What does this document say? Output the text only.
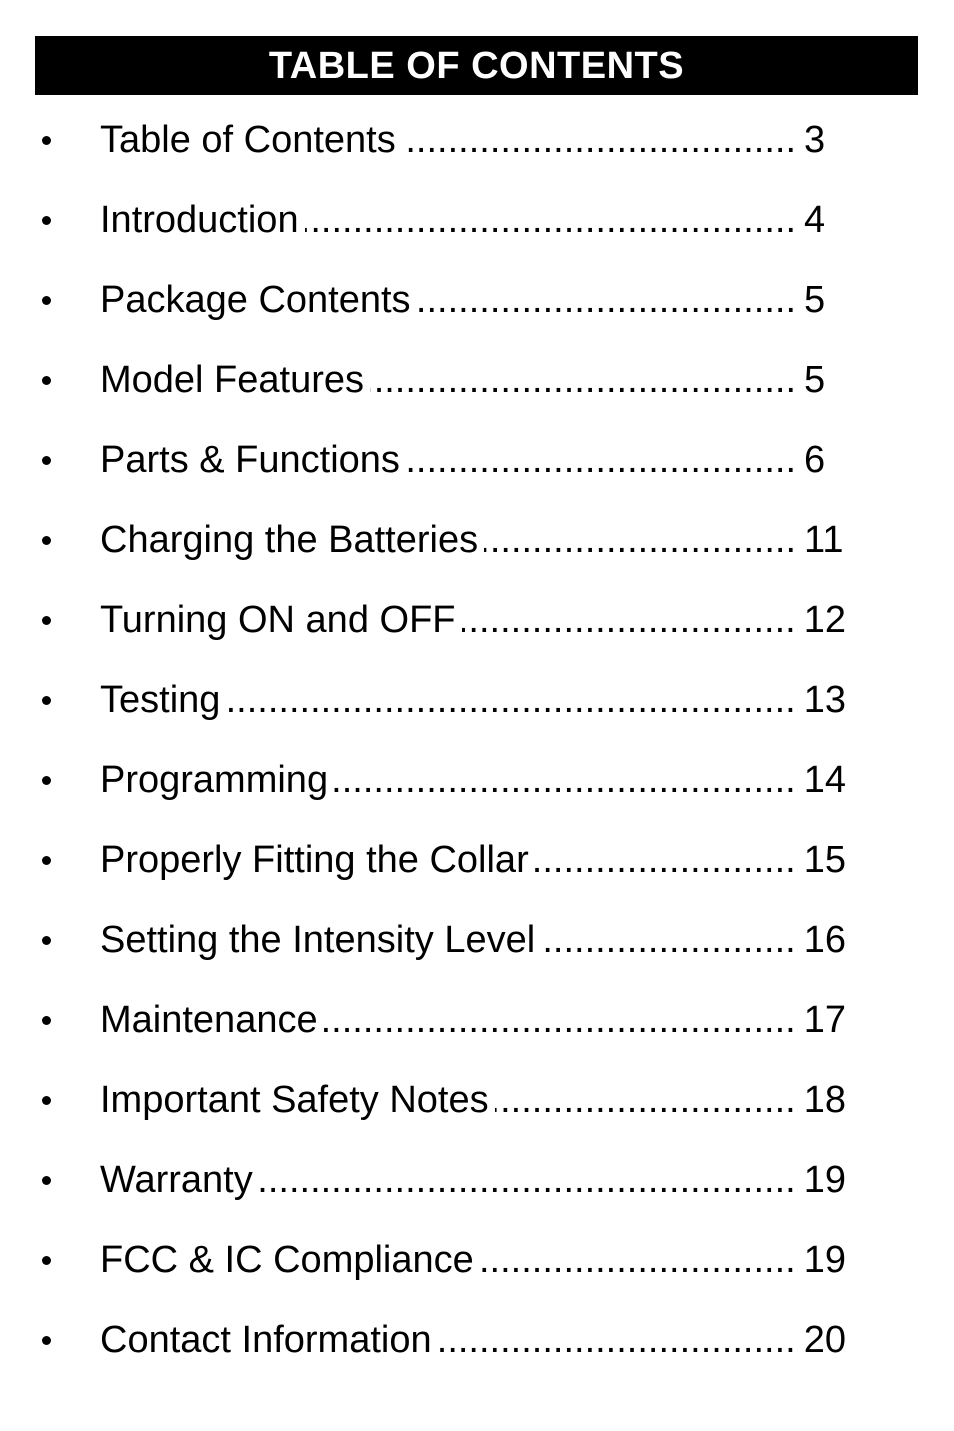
TABLE OF CONTENTS
Table of Contents .....	3
Introduction .....	4
Package Contents .....	5
Model Features .....	5
Parts & Functions .....	6
Charging the Batteries .....	11
Turning ON and OFF .....	12
Testing .....	13
Programming .....	14
Properly Fitting the Collar .....	15
Setting the Intensity Level .....	16
Maintenance .....	17
Important Safety Notes .....	18
Warranty .....	19
FCC & IC Compliance .....	19
Contact Information .....	20
